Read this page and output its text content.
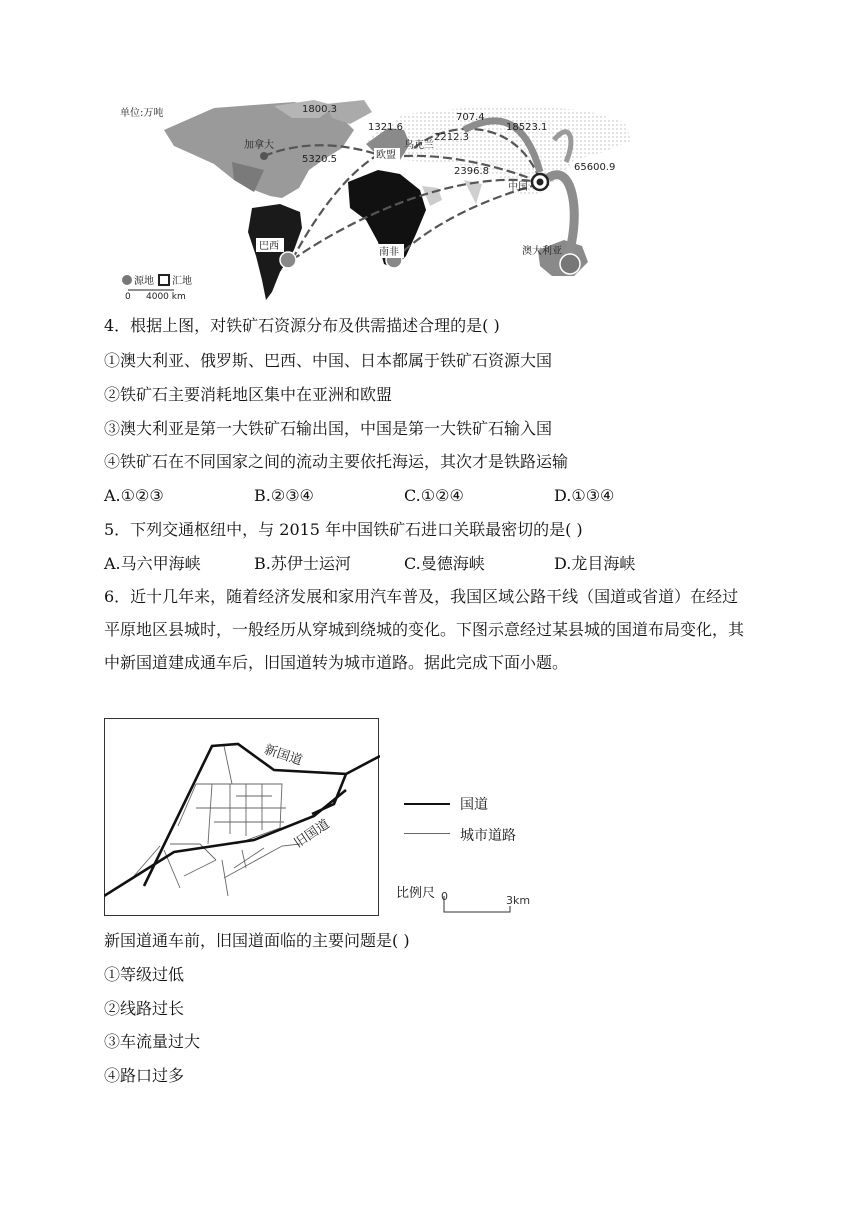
单位:万吨
加拿大
欧盟
乌克兰
中国
巴西
南非	澳大利亚
1800.3
1321.6
707.4
18523.1
2212.3
5320.5
2396.8	65600.9
源地 汇地
0 4000 km
4．根据上图，对铁矿石资源分布及供需描述合理的是( )
①澳大利亚、俄罗斯、巴西、中国、日本都属于铁矿石资源大国
②铁矿石主要消耗地区集中在亚洲和欧盟
③澳大利亚是第一大铁矿石输出国，中国是第一大铁矿石输入国
④铁矿石在不同国家之间的流动主要依托海运，其次才是铁路运输
A.①②③	B.②③④	C.①②④	D.①③④
5．下列交通枢纽中，与 2015 年中国铁矿石进口关联最密切的是( )
A.马六甲海峡	B.苏伊士运河	C.曼德海峡	D.龙目海峡
6．近十几年来，随着经济发展和家用汽车普及，我国区域公路干线（国道或省道）在经过平原地区县城时，一般经历从穿城到绕城的变化。下图示意经过某县城的国道布局变化，其中新国道建成通车后，旧国道转为城市道路。据此完成下面小题。
新国道
旧国道
国道
城市道路
比例尺 0	3km
新国道通车前，旧国道面临的主要问题是( )
①等级过低
②线路过长
③车流量过大
④路口过多
